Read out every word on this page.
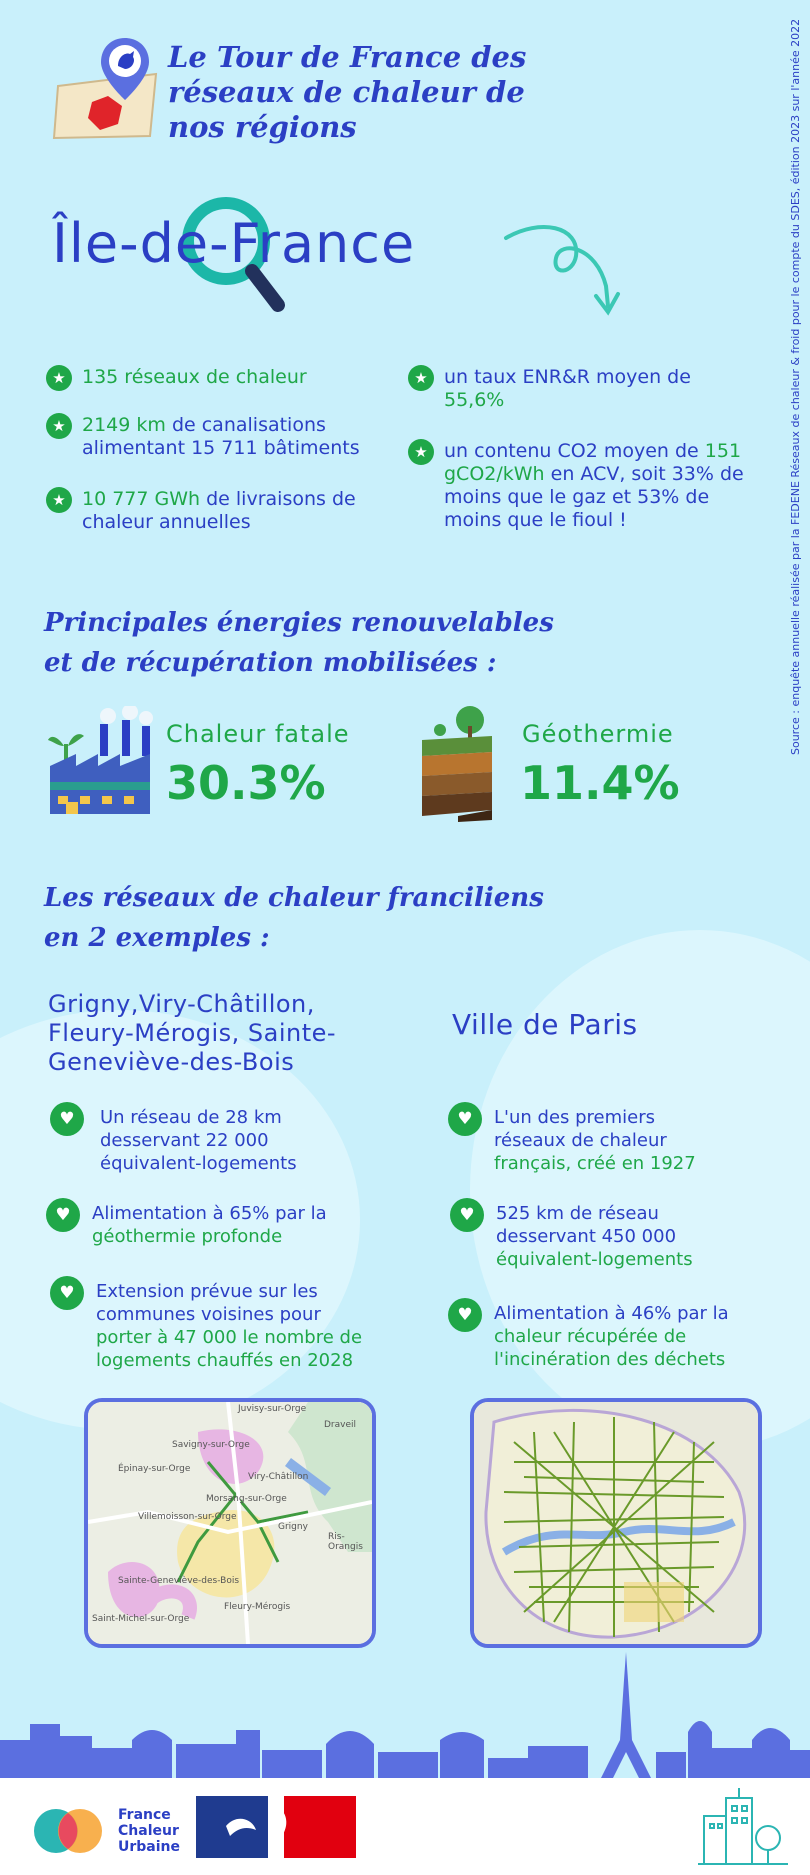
Le Tour de France des
réseaux de chaleur de
nos régions
Île-de-France
★ 135 réseaux de chaleur
★ 2149 km de canalisations alimentant 15 711 bâtiments
★ 10 777 GWh de livraisons de chaleur annuelles
★ un taux ENR&R moyen de 55,6%
★ un contenu CO2 moyen de 151 gCO2/kWh en ACV, soit 33% de moins que le gaz et 53% de moins que le fioul !	Source : enquête annuelle réalisée par la FEDENE Réseaux de chaleur & froid pour le compte du SDES, édition 2023 sur l'année 2022
Principales énergies renouvelables
et de récupération mobilisées :
Chaleur fatale
30.3%
Géothermie
11.4%
Les réseaux de chaleur franciliens
en 2 exemples :
Grigny,Viry-Châtillon,
Fleury-Mérogis, Sainte-
Geneviève-des-Bois
Ville de Paris
♥	Un réseau de 28 km
desservant 22 000
équivalent-logements
♥	Alimentation à 65% par la
géothermie profonde
♥	Extension prévue sur les
communes voisines pour
porter à 47 000 le nombre de
logements chauffés en 2028
♥	L'un des premiers
réseaux de chaleur
français, créé en 1927
♥	525 km de réseau
desservant 450 000
équivalent-logements
♥	Alimentation à 46% par la
chaleur récupérée de
l'incinération des déchets
Juvisy-sur-Orge
Draveil
Savigny-sur-Orge
Épinay-sur-Orge
Viry-Châtillon
Morsang-sur-Orge
Villemoisson-sur-Orge
Grigny
Ris-Orangis
Sainte-Geneviève-des-Bois
Fleury-Mérogis
Saint-Michel-sur-Orge
France
Chaleur
Urbaine
